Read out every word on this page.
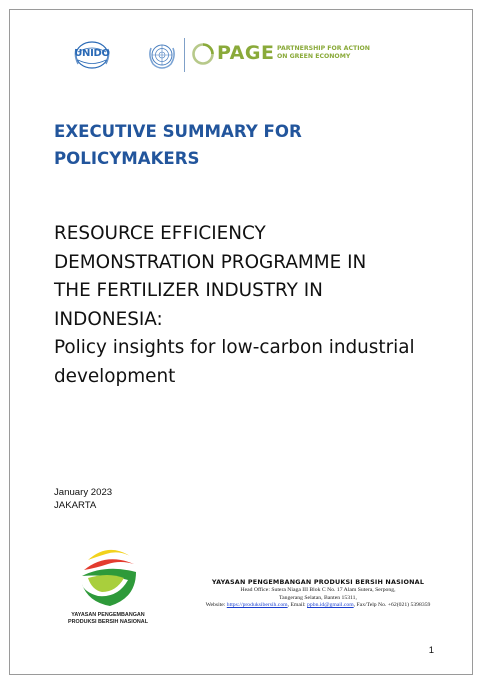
UNIDO	PAGE PARTNERSHIP FOR ACTION
ON GREEN ECONOMY
EXECUTIVE SUMMARY FOR
POLICYMAKERS
RESOURCE EFFICIENCY
DEMONSTRATION PROGRAMME IN
THE FERTILIZER INDUSTRY IN
INDONESIA:
Policy insights for low-carbon industrial
development
January 2023
JAKARTA
YAYASAN PENGEMBANGAN
PRODUKSI BERSIH NASIONAL
YAYASAN PENGEMBANGAN PRODUKSI BERSIH NASIONAL
Head Office: Sutera Niaga III Blok C No. 17 Alam Sutera, Serpong,
Tangerang Selatan, Banten 15311,
Website: https://produksibersih.com, Email: ppbn.id@gmail.com, Fax/Telp No. +62(021) 5398359
1
